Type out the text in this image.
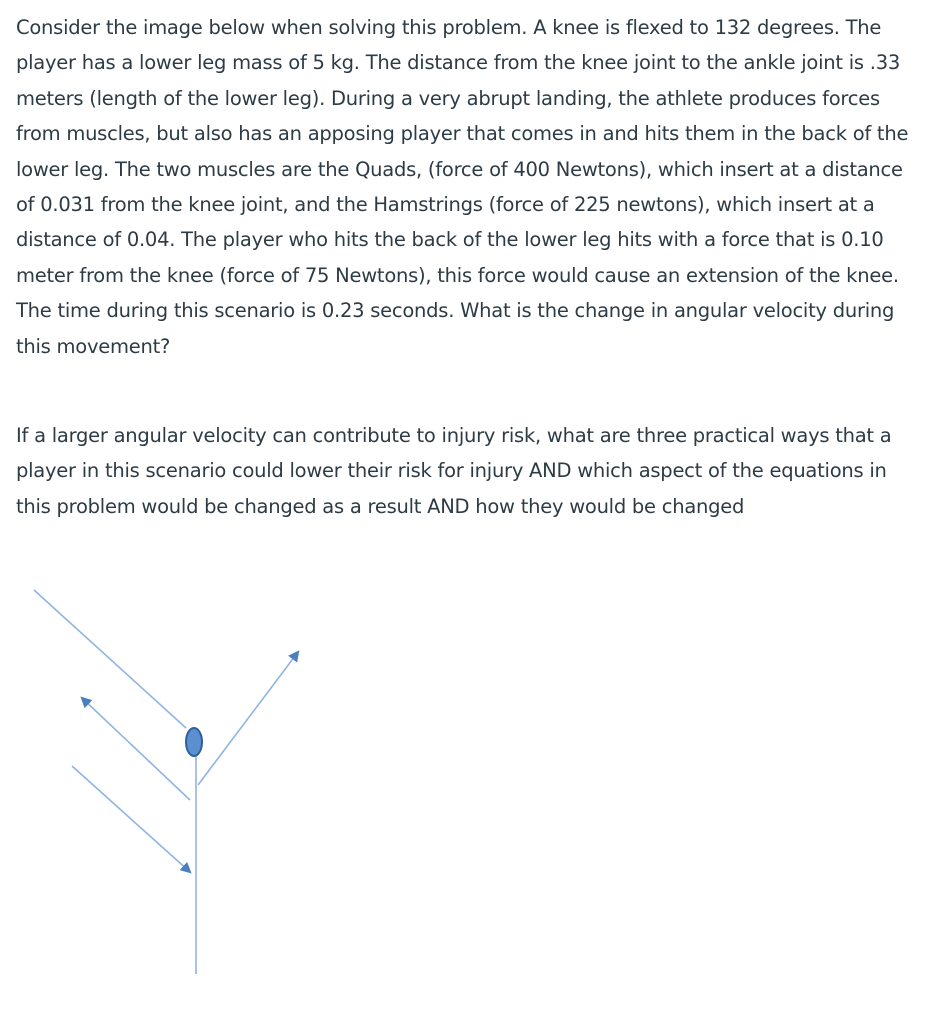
Consider the image below when solving this problem. A knee is flexed to 132 degrees. The player has a lower leg mass of 5 kg. The distance from the knee joint to the ankle joint is .33 meters (length of the lower leg). During a very abrupt landing, the athlete produces forces from muscles, but also has an apposing player that comes in and hits them in the back of the lower leg. The two muscles are the Quads, (force of 400 Newtons), which insert at a distance of 0.031 from the knee joint, and the Hamstrings (force of 225 newtons), which insert at a distance of 0.04. The player who hits the back of the lower leg hits with a force that is 0.10 meter from the knee (force of 75 Newtons), this force would cause an extension of the knee. The time during this scenario is 0.23 seconds. What is the change in angular velocity during this movement?

If a larger angular velocity can contribute to injury risk, what are three practical ways that a player in this scenario could lower their risk for injury AND which aspect of the equations in this problem would be changed as a result AND how they would be changed
